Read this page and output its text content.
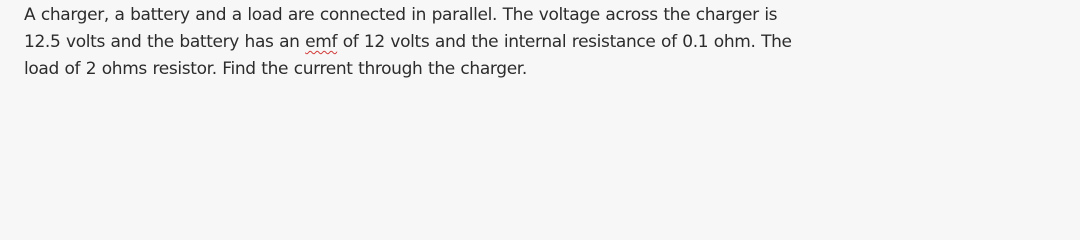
A charger, a battery and a load are connected in parallel. The voltage across the charger is
12.5 volts and the battery has an emf of 12 volts and the internal resistance of 0.1 ohm. The
load of 2 ohms resistor. Find the current through the charger.
